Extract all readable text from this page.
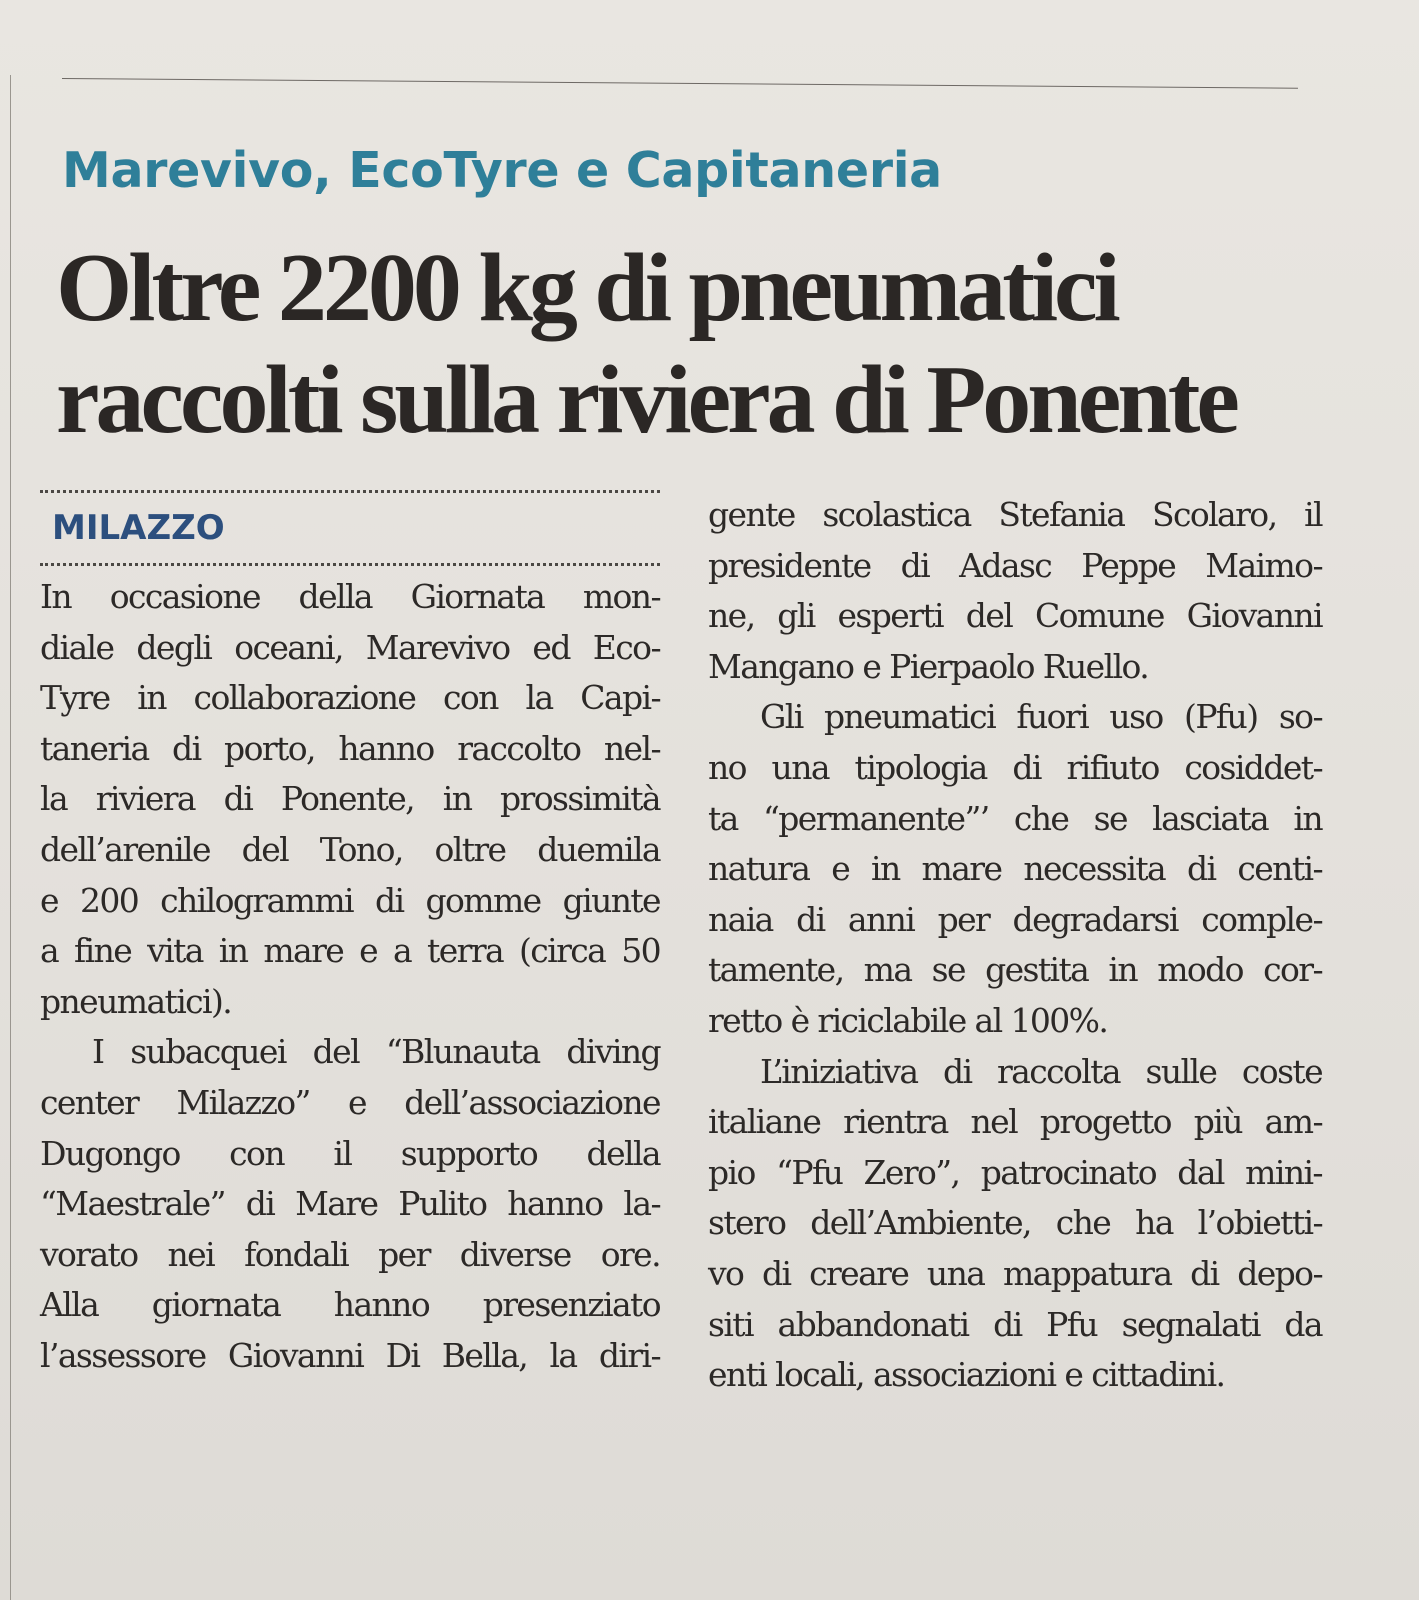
Marevivo, EcoTyre e Capitaneria
Oltre 2200 kg di pneumatici
raccolti sulla riviera di Ponente
MILAZZO
In occasione della Giornata mon-
diale degli oceani, Marevivo ed Eco-
Tyre in collaborazione con la Capi-
taneria di porto, hanno raccolto nel-
la riviera di Ponente, in prossimità
dell’arenile del Tono, oltre duemila
e 200 chilogrammi di gomme giunte
a fine vita in mare e a terra (circa 50
pneumatici).
I subacquei del “Blunauta diving
center Milazzo” e dell’associazione
Dugongo con il supporto della
“Maestrale” di Mare Pulito hanno la-
vorato nei fondali per diverse ore.
Alla giornata hanno presenziato
l’assessore Giovanni Di Bella, la diri-
gente scolastica Stefania Scolaro, il
presidente di Adasc Peppe Maimo-
ne, gli esperti del Comune Giovanni
Mangano e Pierpaolo Ruello.
Gli pneumatici fuori uso (Pfu) so-
no una tipologia di rifiuto cosiddet-
ta “permanente”’ che se lasciata in
natura e in mare necessita di centi-
naia di anni per degradarsi comple-
tamente, ma se gestita in modo cor-
retto è riciclabile al 100%.
L’iniziativa di raccolta sulle coste
italiane rientra nel progetto più am-
pio “Pfu Zero”, patrocinato dal mini-
stero dell’Ambiente, che ha l’obietti-
vo di creare una mappatura di depo-
siti abbandonati di Pfu segnalati da
enti locali, associazioni e cittadini.
